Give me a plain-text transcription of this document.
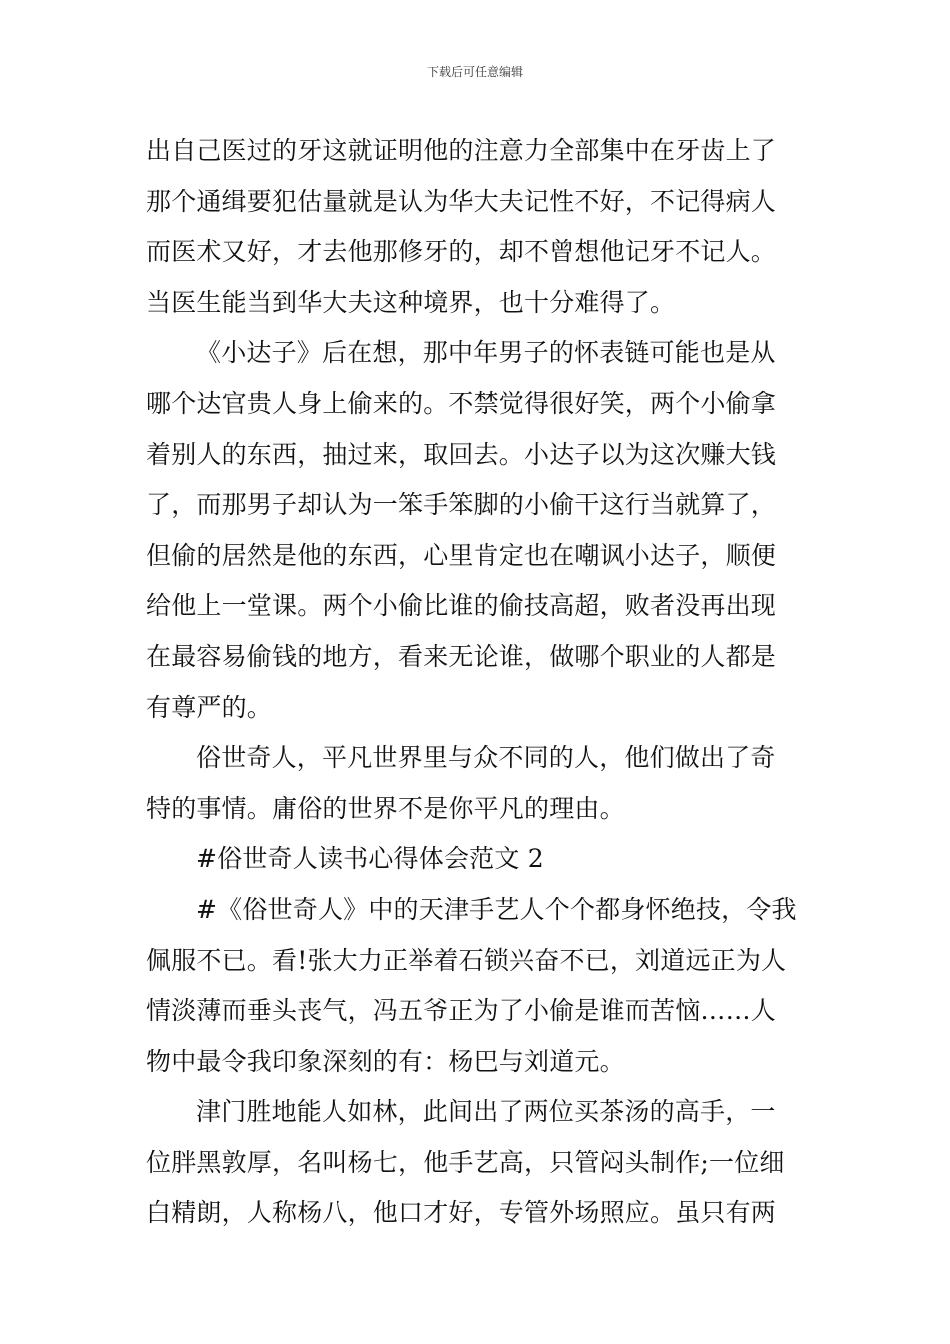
下载后可任意编辑
出自己医过的牙这就证明他的注意力全部集中在牙齿上了
那个通缉要犯估量就是认为华大夫记性不好，不记得病人
而医术又好，才去他那修牙的，却不曾想他记牙不记人。
当医生能当到华大夫这种境界，也十分难得了。
《小达子》后在想，那中年男子的怀表链可能也是从
哪个达官贵人身上偷来的。不禁觉得很好笑，两个小偷拿
着别人的东西，抽过来，取回去。小达子以为这次赚大钱
了，而那男子却认为一笨手笨脚的小偷干这行当就算了，
但偷的居然是他的东西，心里肯定也在嘲讽小达子，顺便
给他上一堂课。两个小偷比谁的偷技高超，败者没再出现
在最容易偷钱的地方，看来无论谁，做哪个职业的人都是
有尊严的。
俗世奇人，平凡世界里与众不同的人，他们做出了奇
特的事情。庸俗的世界不是你平凡的理由。
#俗世奇人读书心得体会范文 2
#《俗世奇人》中的天津手艺人个个都身怀绝技，令我
佩服不已。看!张大力正举着石锁兴奋不已，刘道远正为人
情淡薄而垂头丧气，冯五爷正为了小偷是谁而苦恼……人
物中最令我印象深刻的有：杨巴与刘道元。
津门胜地能人如林，此间出了两位买茶汤的高手，一
位胖黑敦厚，名叫杨七，他手艺高，只管闷头制作;一位细
白精朗，人称杨八，他口才好，专管外场照应。虽只有两
